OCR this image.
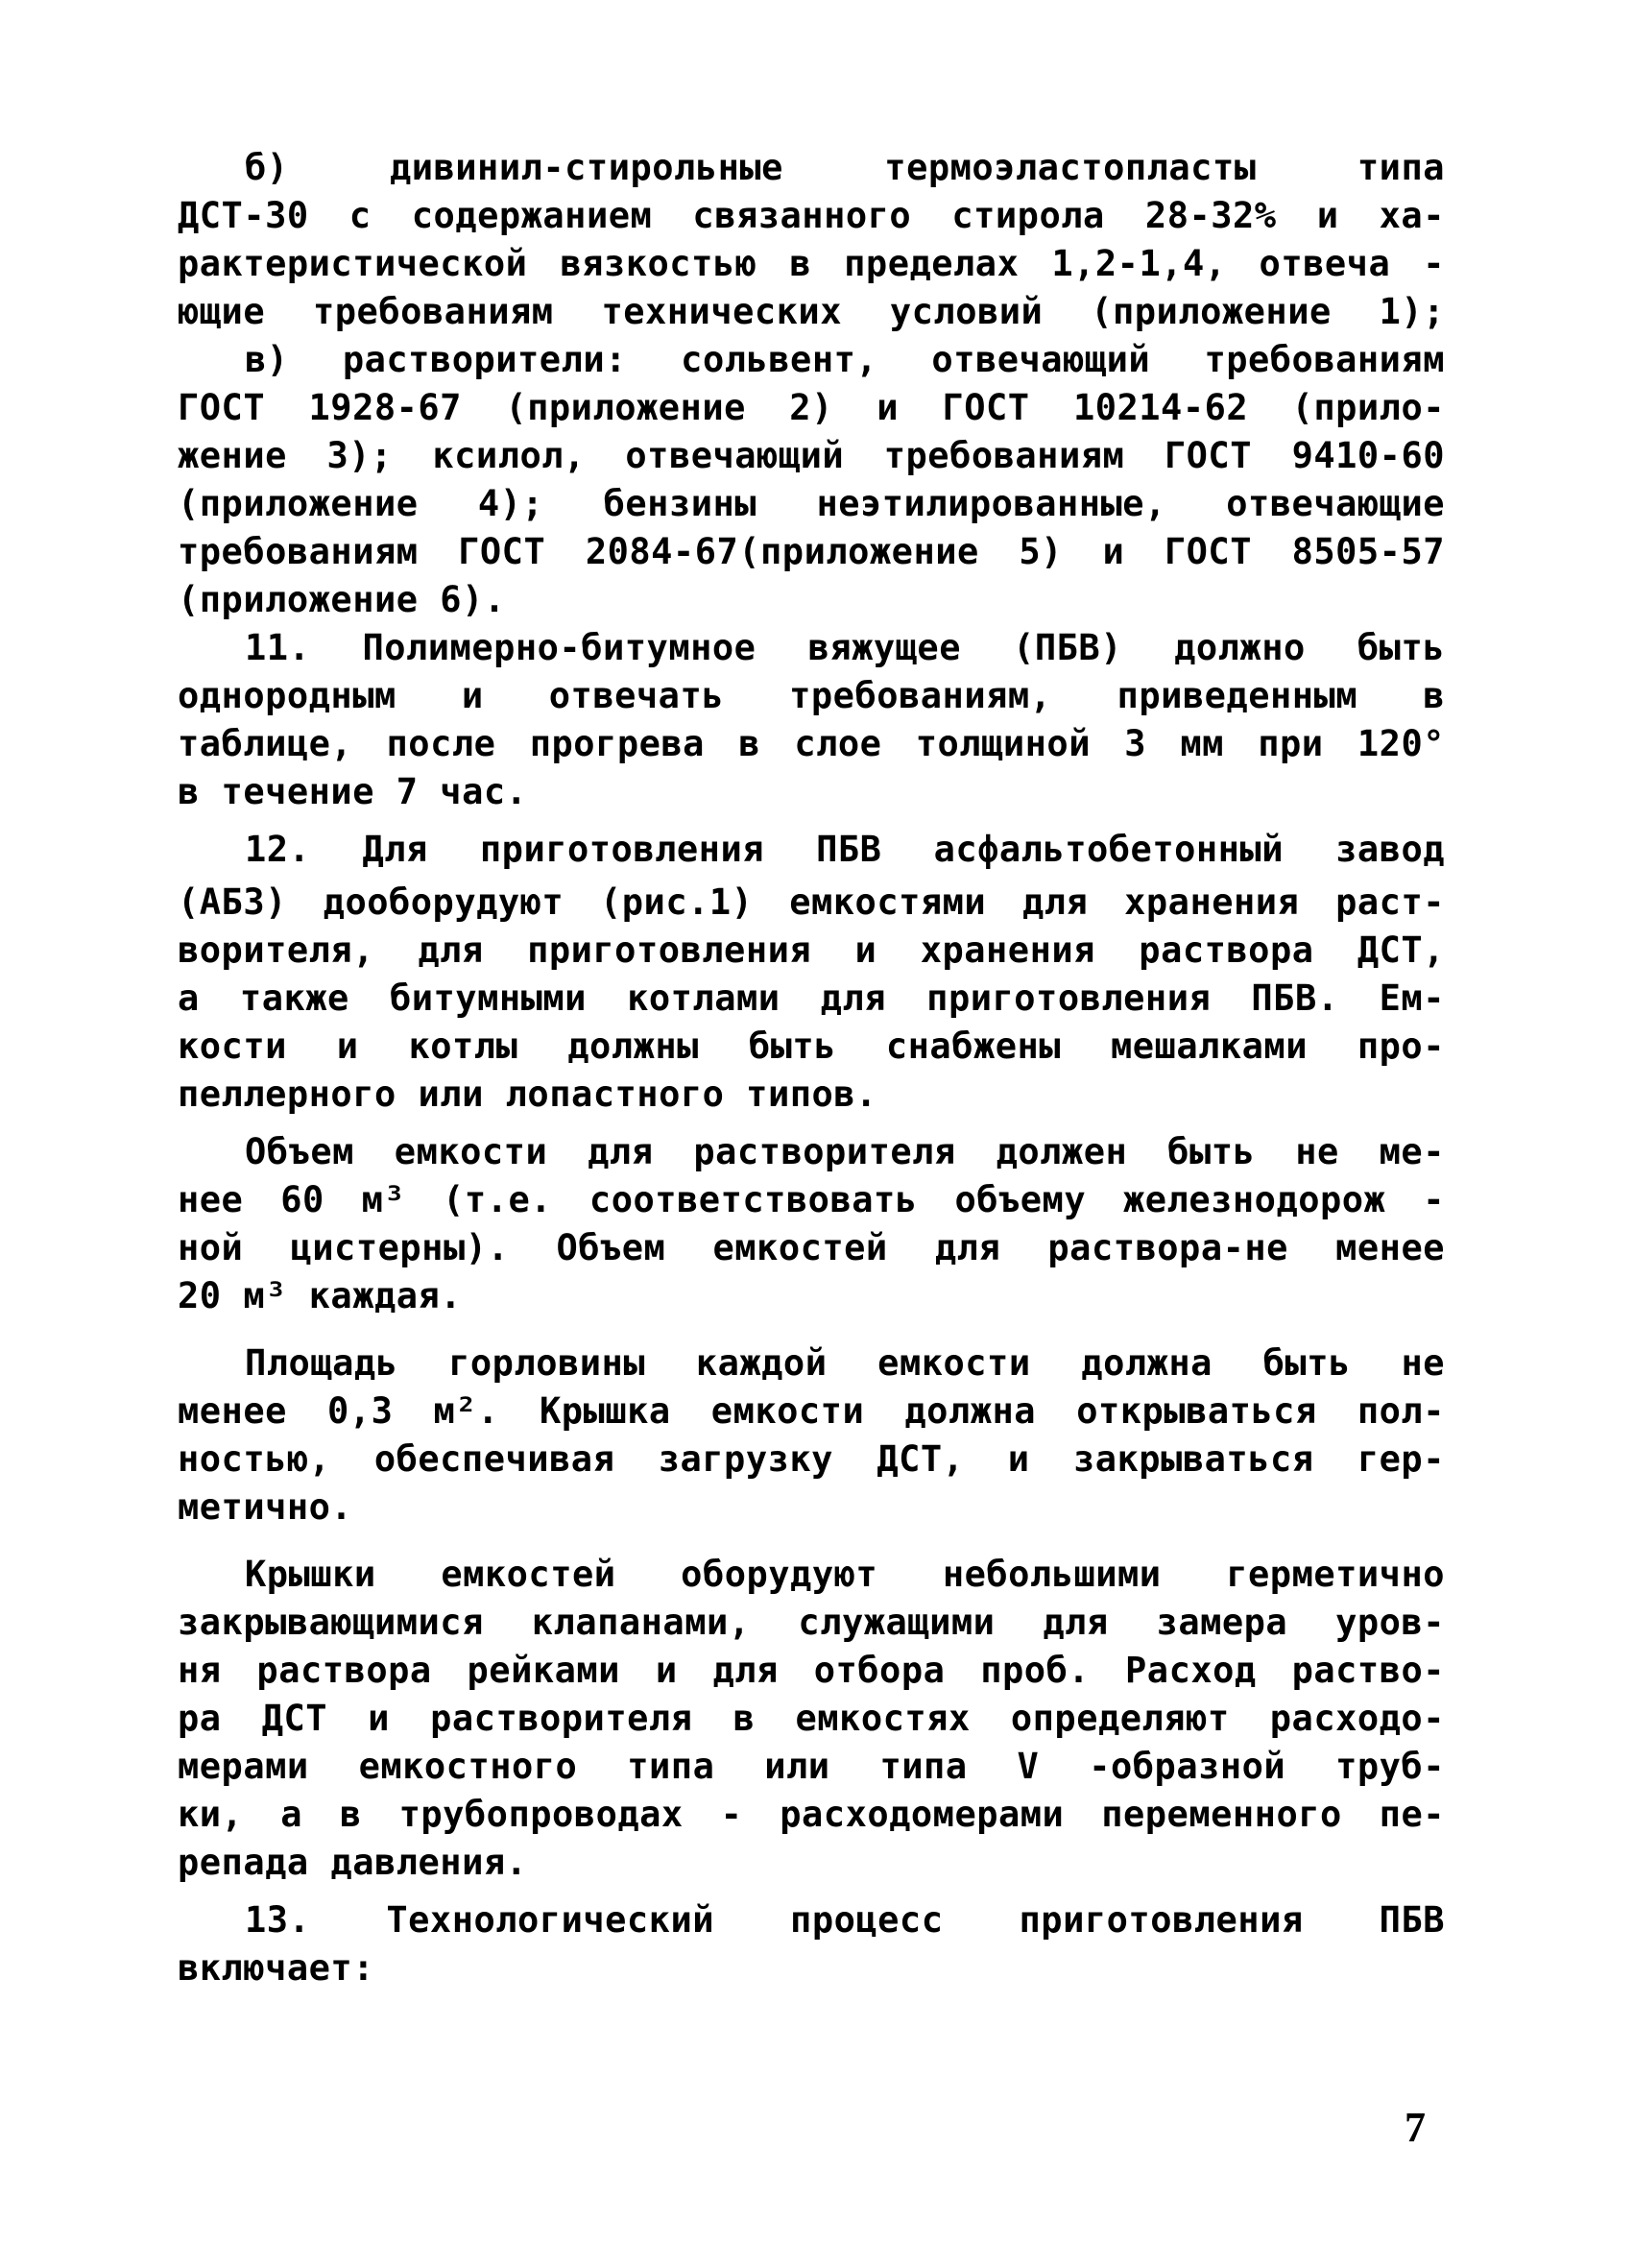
б) дивинил-стирольные термоэластопласты типа
ДСТ-30 с содержанием связанного стирола 28-32% и ха-
рактеристической вязкостью в пределах 1,2-1,4, отвеча -
ющие требованиям технических условий (приложение 1);
в) растворители: сольвент, отвечающий требованиям
ГОСТ 1928-67 (приложение 2) и ГОСТ 10214-62 (прило-
жение 3); ксилол, отвечающий требованиям ГОСТ 9410-60
(приложение 4); бензины неэтилированные, отвечающие
требованиям ГОСТ 2084-67(приложение 5) и ГОСТ 8505-57
(приложение 6).
11. Полимерно-битумное вяжущее (ПБВ) должно быть
однородным и отвечать требованиям, приведенным в
таблице, после прогрева в слое толщиной 3 мм при 120°
в течение 7 час.
12. Для приготовления ПБВ асфальтобетонный завод
(АБЗ) дооборудуют (рис.1) емкостями для хранения раст-
ворителя, для приготовления и хранения раствора ДСТ,
а также битумными котлами для приготовления ПБВ. Ем-
кости и котлы должны быть снабжены мешалками про-
пеллерного или лопастного типов.
Объем емкости для растворителя должен быть не ме-
нее 60 м³ (т.е. соответствовать объему железнодорож -
ной цистерны). Объем емкостей для раствора-не менее
20 м³ каждая.
Площадь горловины каждой емкости должна быть не
менее 0,3 м². Крышка емкости должна открываться пол-
ностью, обеспечивая загрузку ДСТ, и закрываться гер-
метично.
Крышки емкостей оборудуют небольшими герметично
закрывающимися клапанами, служащими для замера уров-
ня раствора рейками и для отбора проб. Расход раство-
ра ДСТ и растворителя в емкостях определяют расходо-
мерами емкостного типа или типа V -образной труб-
ки, а в трубопроводах - расходомерами переменного пе-
репада давления.
13. Технологический процесс приготовления ПБВ
включает:
7
